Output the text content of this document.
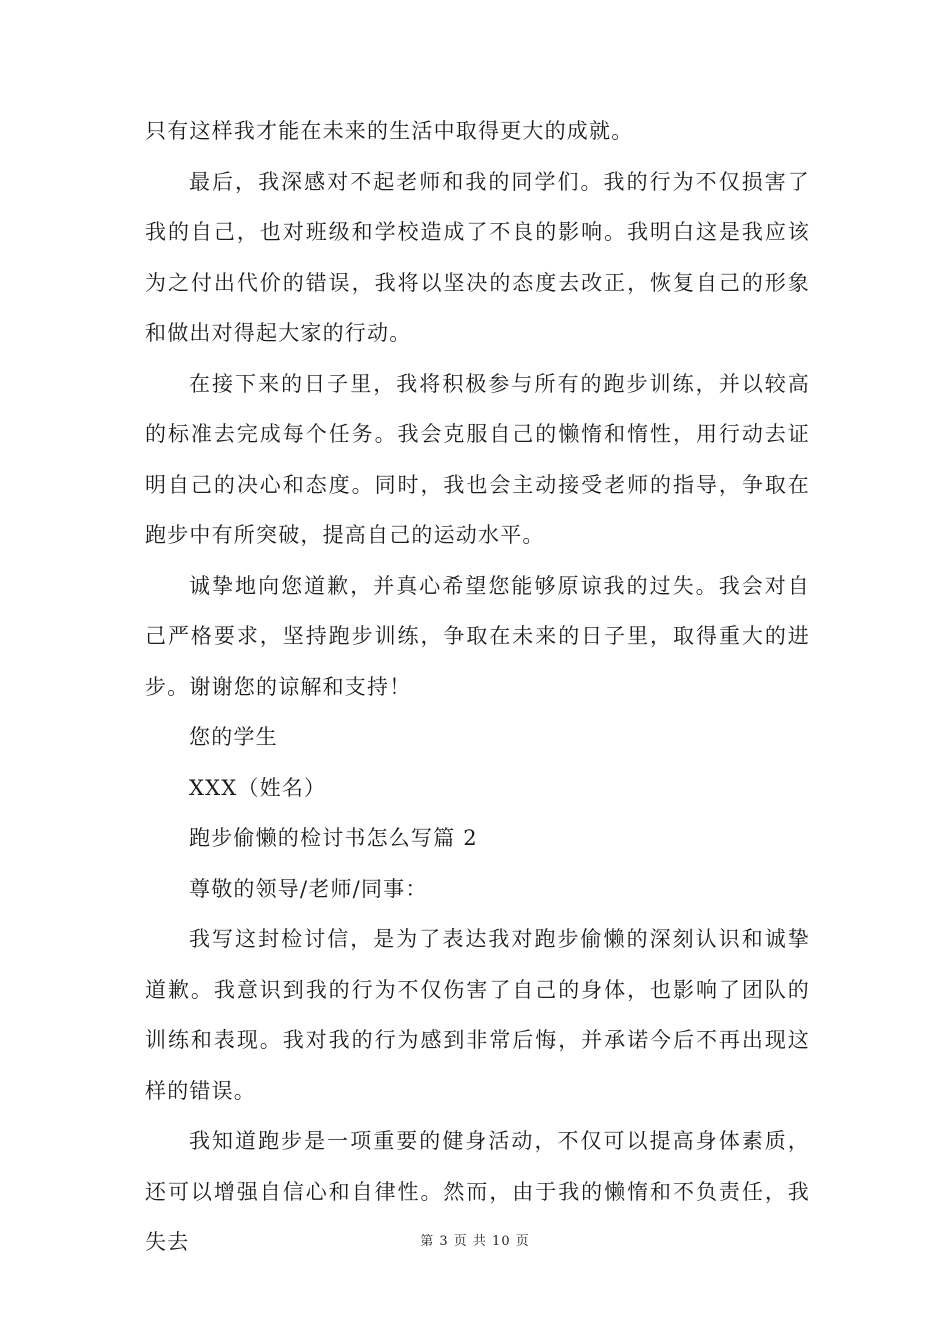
只有这样我才能在未来的生活中取得更大的成就。

最后，我深感对不起老师和我的同学们。我的行为不仅损害了我的自己，也对班级和学校造成了不良的影响。我明白这是我应该为之付出代价的错误，我将以坚决的态度去改正，恢复自己的形象和做出对得起大家的行动。

在接下来的日子里，我将积极参与所有的跑步训练，并以较高的标准去完成每个任务。我会克服自己的懒惰和惰性，用行动去证明自己的决心和态度。同时，我也会主动接受老师的指导，争取在跑步中有所突破，提高自己的运动水平。

诚挚地向您道歉，并真心希望您能够原谅我的过失。我会对自己严格要求，坚持跑步训练，争取在未来的日子里，取得重大的进步。谢谢您的谅解和支持！

您的学生

XXX（姓名）

跑步偷懒的检讨书怎么写篇 2

尊敬的领导/老师/同事：

我写这封检讨信，是为了表达我对跑步偷懒的深刻认识和诚挚道歉。我意识到我的行为不仅伤害了自己的身体，也影响了团队的训练和表现。我对我的行为感到非常后悔，并承诺今后不再出现这样的错误。

我知道跑步是一项重要的健身活动，不仅可以提高身体素质，还可以增强自信心和自律性。然而，由于我的懒惰和不负责任，我失去	第 3 页 共 10 页
